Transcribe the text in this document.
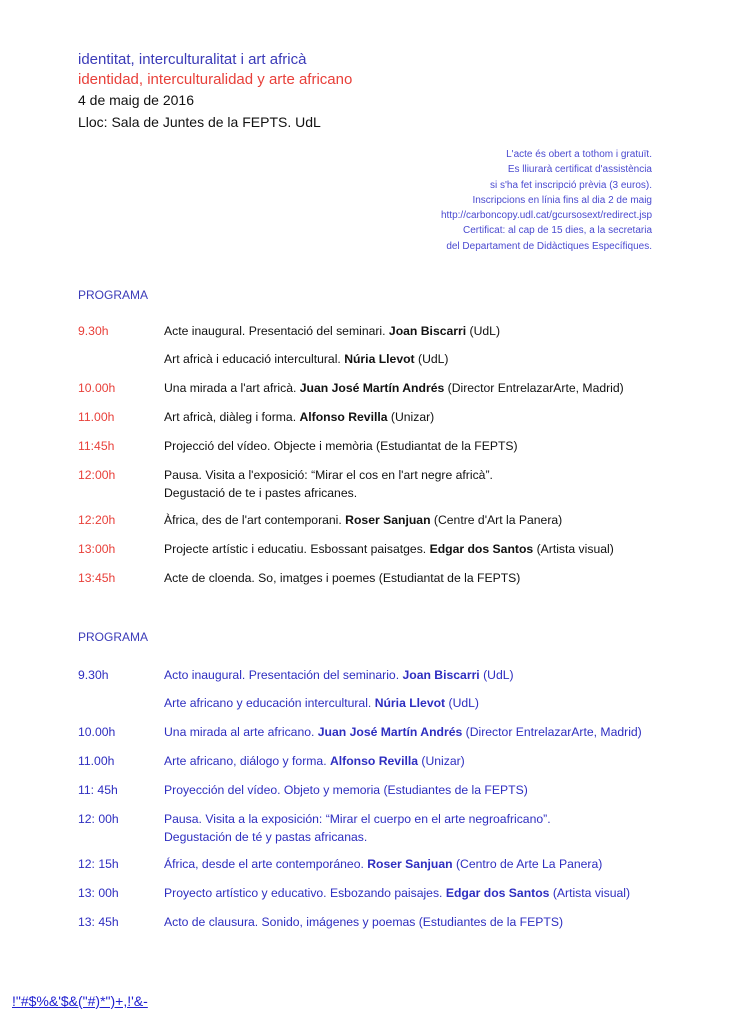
identitat, interculturalitat i art africà
identidad, interculturalidad y arte africano
4 de maig de 2016
Lloc: Sala de Juntes de la FEPTS. UdL
L'acte és obert a tothom i gratuït.
Es lliurarà certificat d'assistència
si s'ha fet inscripció prèvia (3 euros).
Inscripcions en línia fins al dia 2 de maig
http://carboncopy.udl.cat/gcursosext/redirect.jsp
Certificat: al cap de 15 dies, a la secretaria
del Departament de Didàctiques Específiques.
PROGRAMA
9.30h	Acte inaugural. Presentació del seminari. Joan Biscarri (UdL)
Art africà i educació intercultural. Núria Llevot (UdL)
10.00h	Una mirada a l'art africà. Juan José Martín Andrés (Director EntrelazarArte, Madrid)
11.00h	Art africà, diàleg i forma. Alfonso Revilla (Unizar)
11:45h	Projecció del vídeo. Objecte i memòria (Estudiantat de la FEPTS)
12:00h	Pausa. Visita a l'exposició: “Mirar el cos en l'art negre africà”.
Degustació de te i pastes africanes.
12:20h	Àfrica, des de l'art contemporani. Roser Sanjuan (Centre d'Art la Panera)
13:00h	Projecte artístic i educatiu. Esbossant paisatges. Edgar dos Santos (Artista visual)
13:45h	Acte de cloenda. So, imatges i poemes (Estudiantat de la FEPTS)
PROGRAMA
9.30h	Acto inaugural. Presentación del seminario. Joan Biscarri (UdL)
Arte africano y educación intercultural. Núria Llevot (UdL)
10.00h	Una mirada al arte africano. Juan José Martín Andrés (Director EntrelazarArte, Madrid)
11.00h	Arte africano, diálogo y forma. Alfonso Revilla (Unizar)
11: 45h	Proyección del vídeo. Objeto y memoria (Estudiantes de la FEPTS)
12: 00h	Pausa. Visita a la exposición: “Mirar el cuerpo en el arte negroafricano”.
Degustación de té y pastas africanas.
12: 15h	África, desde el arte contemporáneo. Roser Sanjuan (Centro de Arte La Panera)
13: 00h	Proyecto artístico y educativo. Esbozando paisajes. Edgar dos Santos (Artista visual)
13: 45h	Acto de clausura. Sonido, imágenes y poemas (Estudiantes de la FEPTS)
!"#$%&'$&("#)*")+,!'&-
